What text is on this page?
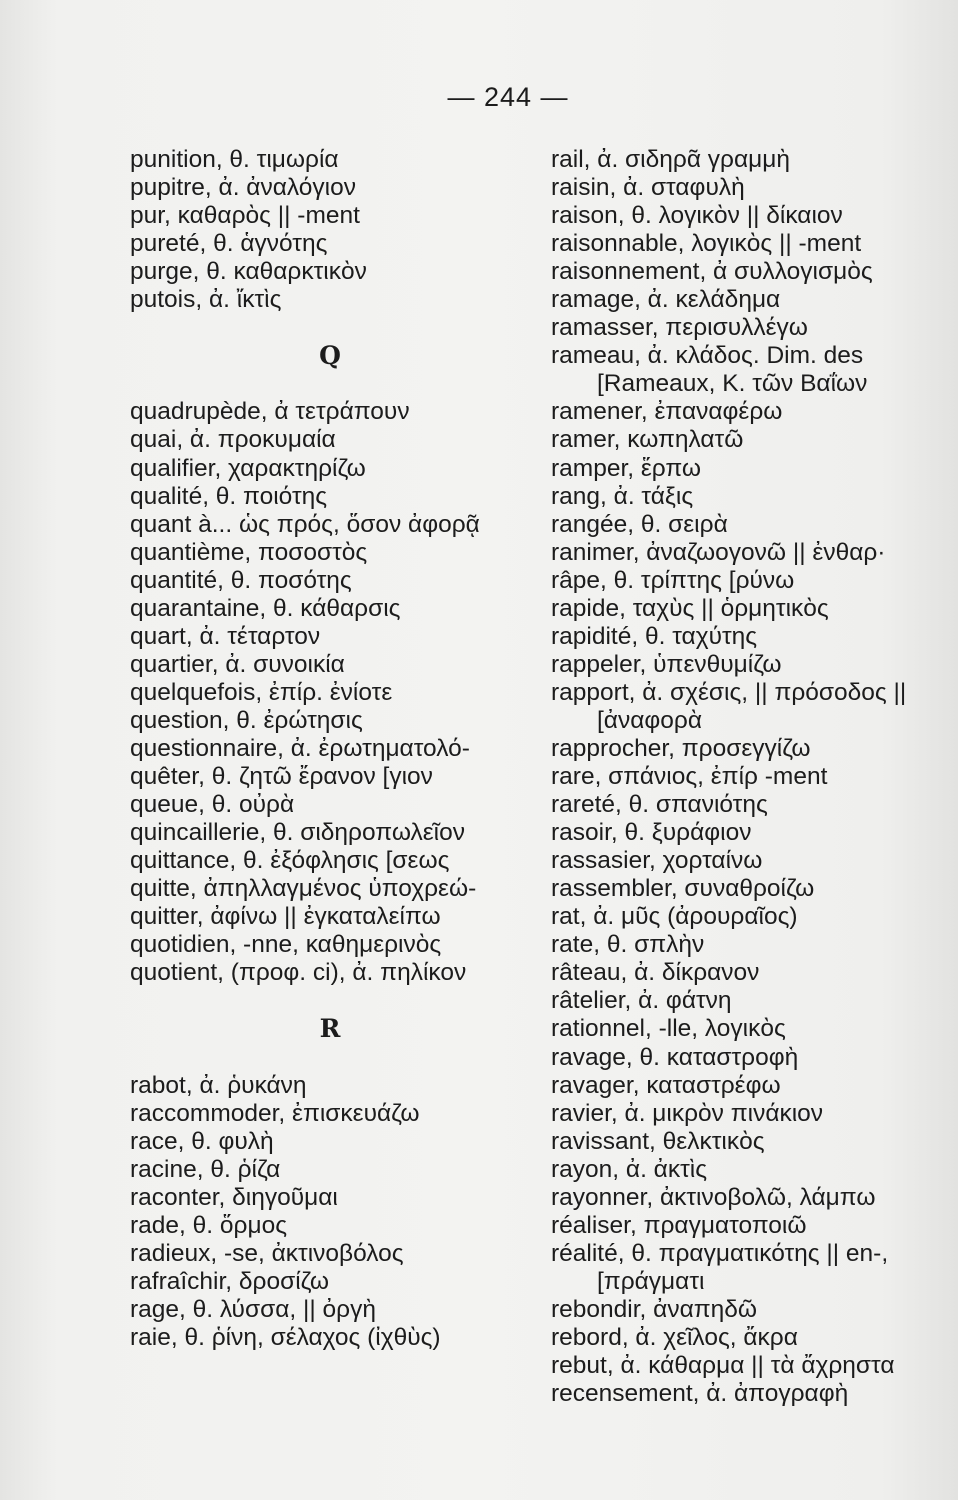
— 244 —
punition, θ. τιμωρία
pupitre, ἀ. ἀναλόγιον
pur, καθαρὸς || -ment
pureté, θ. ἁγνότης
purge, θ. καθαρκτικὸν
putois, ἀ. ἴκτὶς
Q
quadrupède, ἀ τετράπουν
quai, ἀ. προκυμαία
qualifier, χαρακτηρίζω
qualité, θ. ποιότης
quant à... ὡς πρός, ὅσον ἀφορᾷ
quantième, ποσοστὸς
quantité, θ. ποσότης
quarantaine, θ. κάθαρσις
quart, ἀ. τέταρτον
quartier, ἀ. συνοικία
quelquefois, ἐπίρ. ἐνίοτε
question, θ. ἐρώτησις
questionnaire, ἀ. ἐρωτηματολό-
quêter, θ. ζητῶ ἔρανον [γιον
queue, θ. οὐρὰ
quincaillerie, θ. σιδηροπωλεῖον
quittance, θ. ἐξόφλησις [σεως
quitte, ἀπηλλαγμένος ὑποχρεώ-
quitter, ἀφίνω || ἐγκαταλείπω
quotidien, -nne, καθημερινὸς
quotient, (προφ. ci), ἀ. πηλίκον
R
rabot, ἀ. ῥυκάνη
raccommoder, ἐπισκευάζω
race, θ. φυλὴ
racine, θ. ῥίζα
raconter, διηγοῦμαι
rade, θ. ὅρμος
radieux, -se, ἀκτινοβόλος
rafraîchir, δροσίζω
rage, θ. λύσσα, || ὀργὴ
raie, θ. ῥίνη, σέλαχος (ἰχθὺς)
rail, ἀ. σιδηρᾶ γραμμὴ
raisin, ἀ. σταφυλὴ
raison, θ. λογικὸν || δίκαιον
raisonnable, λογικὸς || -ment
raisonnement, ἀ συλλογισμὸς
ramage, ἀ. κελάδημα
ramasser, περισυλλέγω
rameau, ἀ. κλάδος. Dim. des
[Rameaux, Κ. τῶν Βαΐων
ramener, ἐπαναφέρω
ramer, κωπηλατῶ
ramper, ἕρπω
rang, ἀ. τάξις
rangée, θ. σειρὰ
ranimer, ἀναζωογονῶ || ἐνθαρ·
râpe, θ. τρίπτης [ρύνω
rapide, ταχὺς || ὁρμητικὸς
rapidité, θ. ταχύτης
rappeler, ὑπενθυμίζω
rapport, ἀ. σχέσις, || πρόσοδος ||
[ἀναφορὰ
rapprocher, προσεγγίζω
rare, σπάνιος, ἐπίρ -ment
rareté, θ. σπανιότης
rasoir, θ. ξυράφιον
rassasier, χορταίνω
rassembler, συναθροίζω
rat, ἀ. μῦς (ἀρουραῖος)
rate, θ. σπλὴν
râteau, ἀ. δίκρανον
râtelier, ἀ. φάτνη
rationnel, -lle, λογικὸς
ravage, θ. καταστροφὴ
ravager, καταστρέφω
ravier, ἀ. μικρὸν πινάκιον
ravissant, θελκτικὸς
rayon, ἀ. ἀκτὶς
rayonner, ἀκτινοβολῶ, λάμπω
réaliser, πραγματοποιῶ
réalité, θ. πραγματικότης || en-,
[πράγματι
rebondir, ἀναπηδῶ
rebord, ἀ. χεῖλος, ἄκρα
rebut, ἀ. κάθαρμα || τὰ ἄχρηστα
recensement, ἀ. ἀπογραφὴ
